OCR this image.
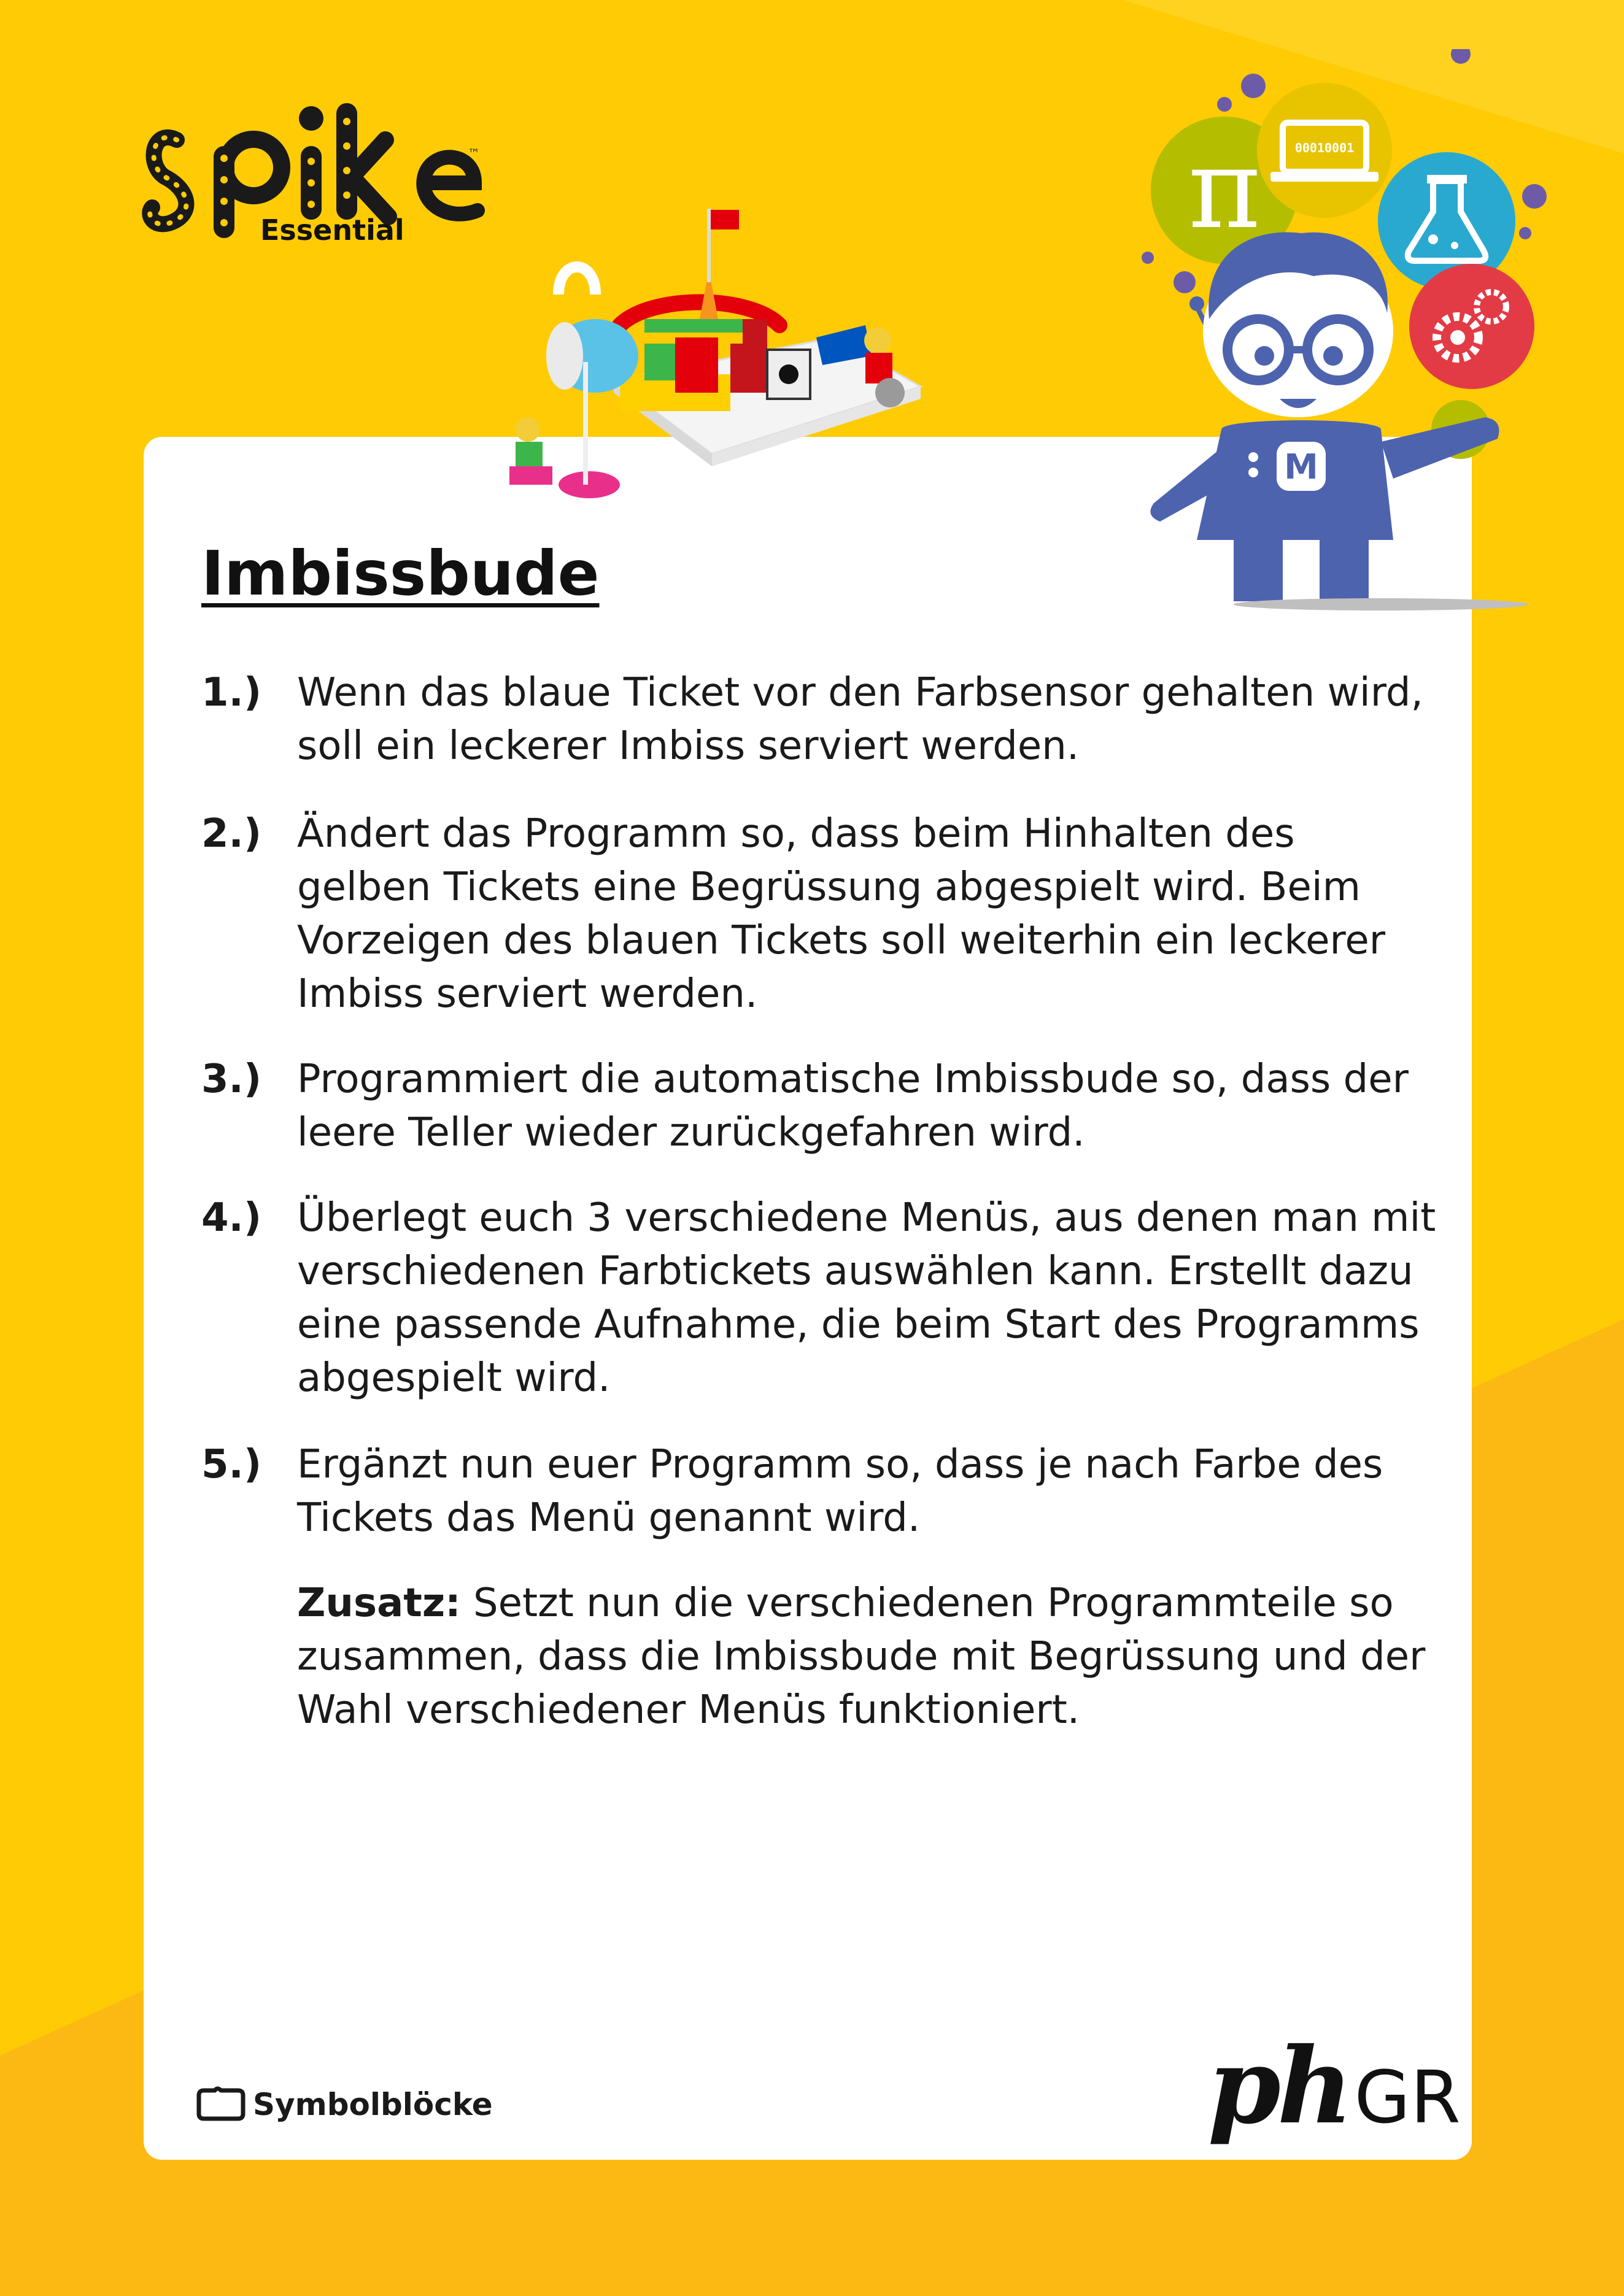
™
Essential	π	00010001
M
Imbissbude
1.) Wenn das blaue Ticket vor den Farbsensor gehalten wird, soll ein leckerer Imbiss serviert werden.
2.) Ändert das Programm so, dass beim Hinhalten des gelben Tickets eine Begrüssung abgespielt wird. Beim Vorzeigen des blauen Tickets soll weiterhin ein leckerer Imbiss serviert werden.
3.) Programmiert die automatische Imbissbude so, dass der leere Teller wieder zurückgefahren wird.
4.) Überlegt euch 3 verschiedene Menüs, aus denen man mit verschiedenen Farbtickets auswählen kann. Erstellt dazu eine passende Aufnahme, die beim Start des Programms abgespielt wird.
5.) Ergänzt nun euer Programm so, dass je nach Farbe des Tickets das Menü genannt wird.
Zusatz: Setzt nun die verschiedenen Programmteile so zusammen, dass die Imbissbude mit Begrüssung und der Wahl verschiedener Menüs funktioniert.
Symbolblöcke	phGR
